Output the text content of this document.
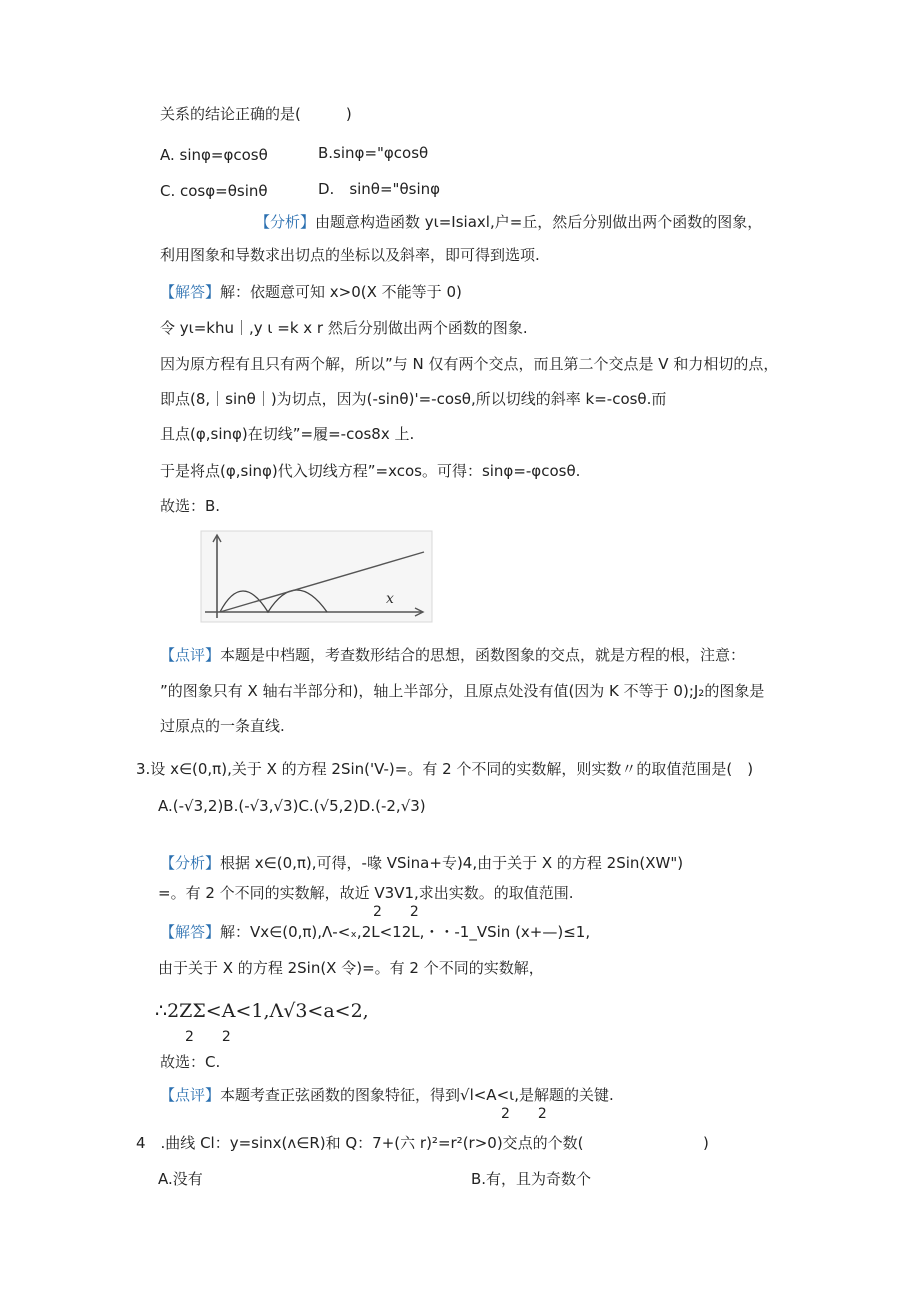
关系的结论正确的是(　　　)
A. sinφ=φcosθ	B.sinφ="φcosθ
C. cosφ=θsinθ	D.　sinθ="θsinφ
【分析】由题意构造函数 yι=Isiaxl,户=丘，然后分别做出两个函数的图象，
利用图象和导数求出切点的坐标以及斜率，即可得到选项.
【解答】解：依题意可知 x>0(X 不能等于 0)
令 yι=khu｜,y ι =k x r 然后分别做出两个函数的图象.
因为原方程有且只有两个解，所以”与 N 仅有两个交点，而且第二个交点是 V 和力相切的点，
即点(8,｜sinθ｜)为切点，因为(-sinθ)'=-cosθ,所以切线的斜率 k=-cosθ.而
且点(φ,sinφ)在切线”=履=-cos8x 上.
于是将点(φ,sinφ)代入切线方程”=xcos。可得：sinφ=-φcosθ.
故选：B.
x
【点评】本题是中档题，考查数形结合的思想，函数图象的交点，就是方程的根，注意：
”的图象只有 X 轴右半部分和)，轴上半部分，且原点处没有值(因为 K 不等于 0);J₂的图象是
过原点的一条直线.
3.设 x∈(0,π),关于 X 的方程 2Sin('V-)=。有 2 个不同的实数解，则实数〃的取值范围是(　)
A.(-√3,2)B.(-√3,√3)C.(√5,2)D.(-2,√3)
【分析】根据 x∈(0,π),可得，-喙 VSina+专)4,由于关于 X 的方程 2Sin(XW")
=。有 2 个不同的实数解，故近 V3V1,求出实数。的取值范围.
2　　2
【解答】解：Vx∈(0,π),Λ-<ₓ,2L<12L,・・-1_VSin (x+—)≤1,
由于关于 X 的方程 2Sin(X 令)=。有 2 个不同的实数解，
∴2ZΣ<A<1,Λ√3<a<2,
2　　2
故选：C.
【点评】本题考查正弦函数的图象特征，得到√l<A<ι,是解题的关键.
2　　2
4　.曲线 Cl：y=sinx(ʌ∈R)和 Q：7+(六 r)²=r²(r>0)交点的个数(	)
A.没有	B.有，且为奇数个
